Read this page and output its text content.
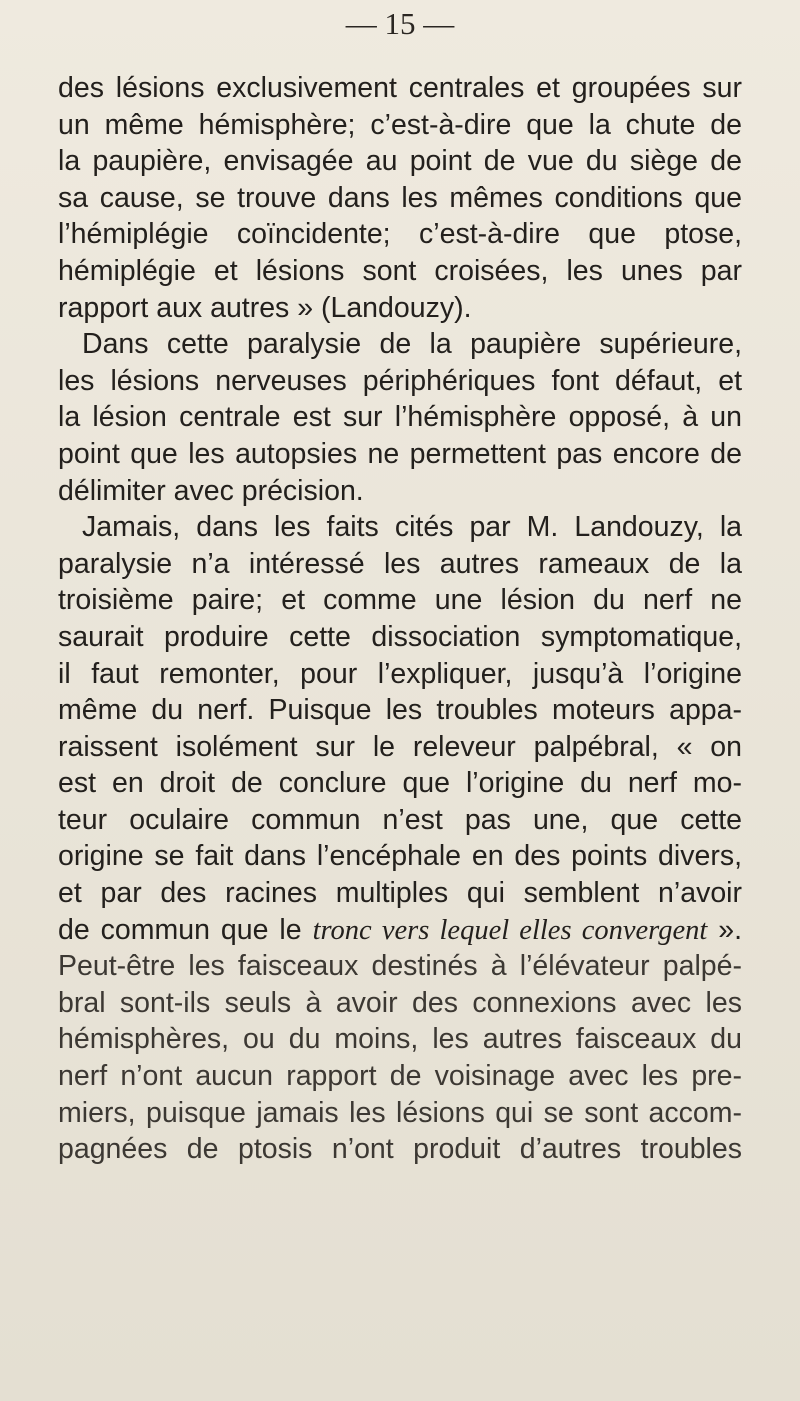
— 15 —
des lésions exclusivement centrales et groupées sur
un même hémisphère; c’est-à-dire que la chute de
la paupière, envisagée au point de vue du siège de
sa cause, se trouve dans les mêmes conditions que
l’hémiplégie coïncidente; c’est-à-dire que ptose,
hémiplégie et lésions sont croisées, les unes par
rapport aux autres » (Landouzy).
Dans cette paralysie de la paupière supérieure,
les lésions nerveuses périphériques font défaut, et
la lésion centrale est sur l’hémisphère opposé, à un
point que les autopsies ne permettent pas encore de
délimiter avec précision.
Jamais, dans les faits cités par M. Landouzy, la
paralysie n’a intéressé les autres rameaux de la
troisième paire; et comme une lésion du nerf ne
saurait produire cette dissociation symptomatique,
il faut remonter, pour l’expliquer, jusqu’à l’origine
même du nerf. Puisque les troubles moteurs appa-
raissent isolément sur le releveur palpébral, « on
est en droit de conclure que l’origine du nerf mo-
teur oculaire commun n’est pas une, que cette
origine se fait dans l’encéphale en des points divers,
et par des racines multiples qui semblent n’avoir
de commun que le tronc vers lequel elles convergent ».
Peut-être les faisceaux destinés à l’élévateur palpé-
bral sont-ils seuls à avoir des connexions avec les
hémisphères, ou du moins, les autres faisceaux du
nerf n’ont aucun rapport de voisinage avec les pre-
miers, puisque jamais les lésions qui se sont accom-
pagnées de ptosis n’ont produit d’autres troubles
